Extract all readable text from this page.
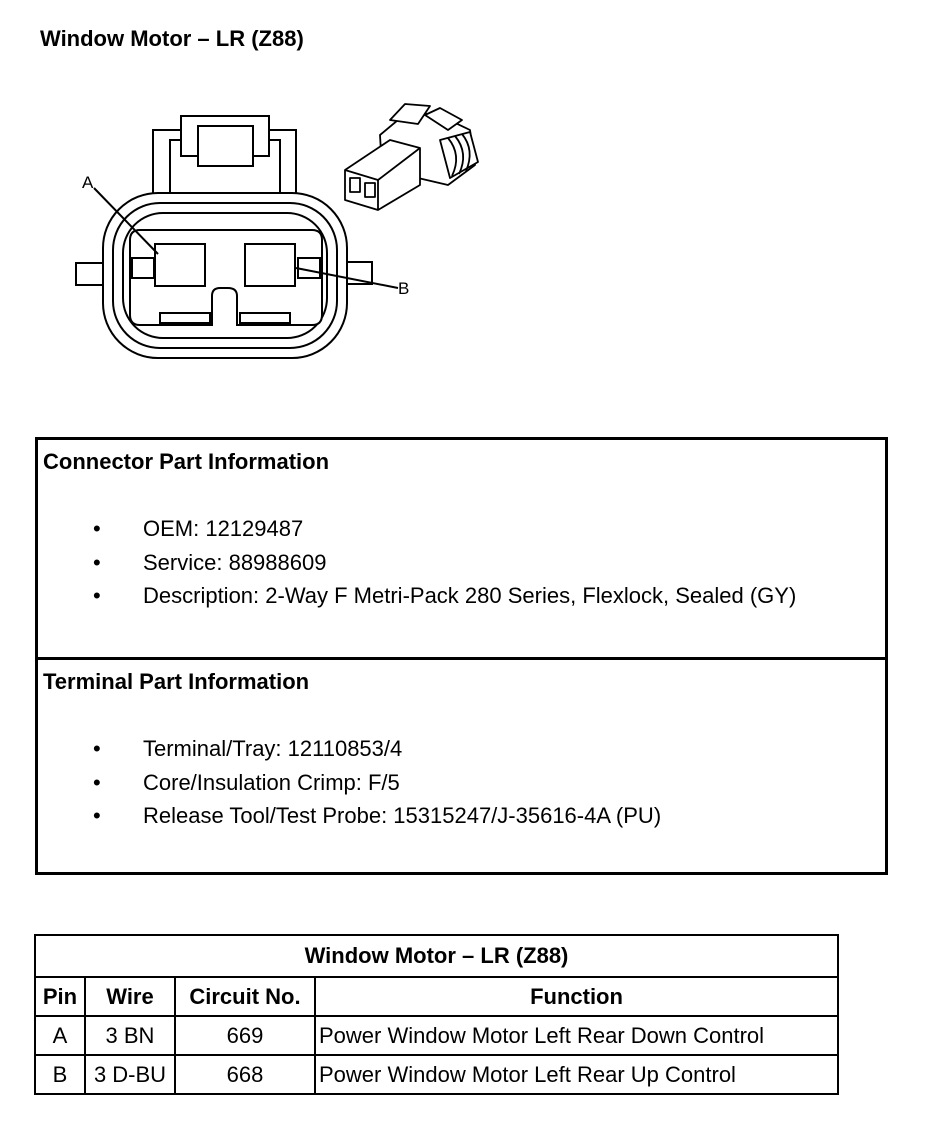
Window Motor – LR (Z88)
A
B
Connector Part Information
• OEM: 12129487
• Service: 88988609
• Description: 2-Way F Metri-Pack 280 Series, Flexlock, Sealed (GY)
Terminal Part Information
• Terminal/Tray: 12110853/4
• Core/Insulation Crimp: F/5
• Release Tool/Test Probe: 15315247/J-35616-4A (PU)
Window Motor – LR (Z88)			
Pin	Wire	Circuit No.	Function
A	3 BN	669	Power Window Motor Left Rear Down Control
B	3 D-BU	668	Power Window Motor Left Rear Up Control
